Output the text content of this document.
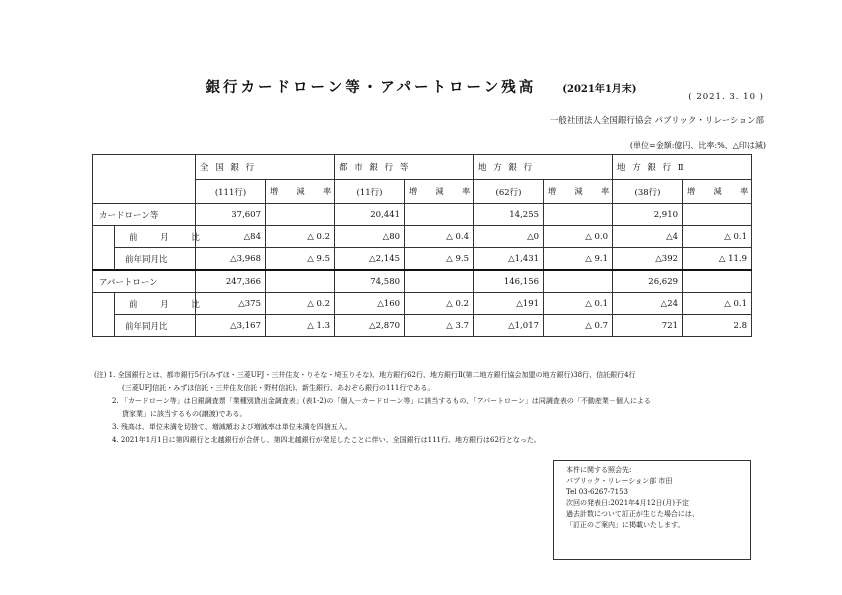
銀行カードローン等・アパートローン残高	(2021年1月末)
( 2021. 3. 10 )
一般社団法人全国銀行協会 パブリック・リレーション部
(単位=金額:億円、比率:%、△印は減)
		全 国 銀 行		都 市 銀 行 等		地 方 銀 行		地 方 銀 行 Ⅱ	
		(111行)	増 減 率	(11行)	増 減 率	(62行)	増 減 率	(38行)	増 減 率
カードローン等		37,607		20,441		14,255		2,910	
	前 月 比	△84	△ 0.2	△80	△ 0.4	△0	△ 0.0	△4	△ 0.1
	前年同月比	△3,968	△ 9.5	△2,145	△ 9.5	△1,431	△ 9.1	△392	△ 11.9
アパートローン		247,366		74,580		146,156		26,629	
	前 月 比	△375	△ 0.2	△160	△ 0.2	△191	△ 0.1	△24	△ 0.1
	前年同月比	△3,167	△ 1.3	△2,870	△ 3.7	△1,017	△ 0.7	721	2.8
(注) 1. 全国銀行とは、都市銀行5行(みずほ・三菱UFJ・三井住友・りそな・埼玉りそな)、地方銀行62行、地方銀行Ⅱ(第二地方銀行協会加盟の地方銀行)38行、信託銀行4行
(三菱UFJ信託・みずほ信託・三井住友信託・野村信託)、新生銀行、あおぞら銀行の111行である。
2. 「カードローン等」は日銀調査票「業種別貸出金調査表」(表1-2)の「個人－カードローン等」に該当するもの、「アパートローン」は同調査表の「不動産業－個人による
貸家業」に該当するもの(譲渡)である。
3. 残高は、単位未満を切捨て、増減額および増減率は単位未満を四捨五入。
4. 2021年1月1日に第四銀行と北越銀行が合併し、第四北越銀行が発足したことに伴い、全国銀行は111行、地方銀行は62行となった。
本件に関する照会先:
パブリック・リレーション部 市田
Tel 03-6267-7153
次回の発表日:2021年4月12日(月)予定
過去計数について訂正が生じた場合には、
「訂正のご案内」に掲載いたします。
